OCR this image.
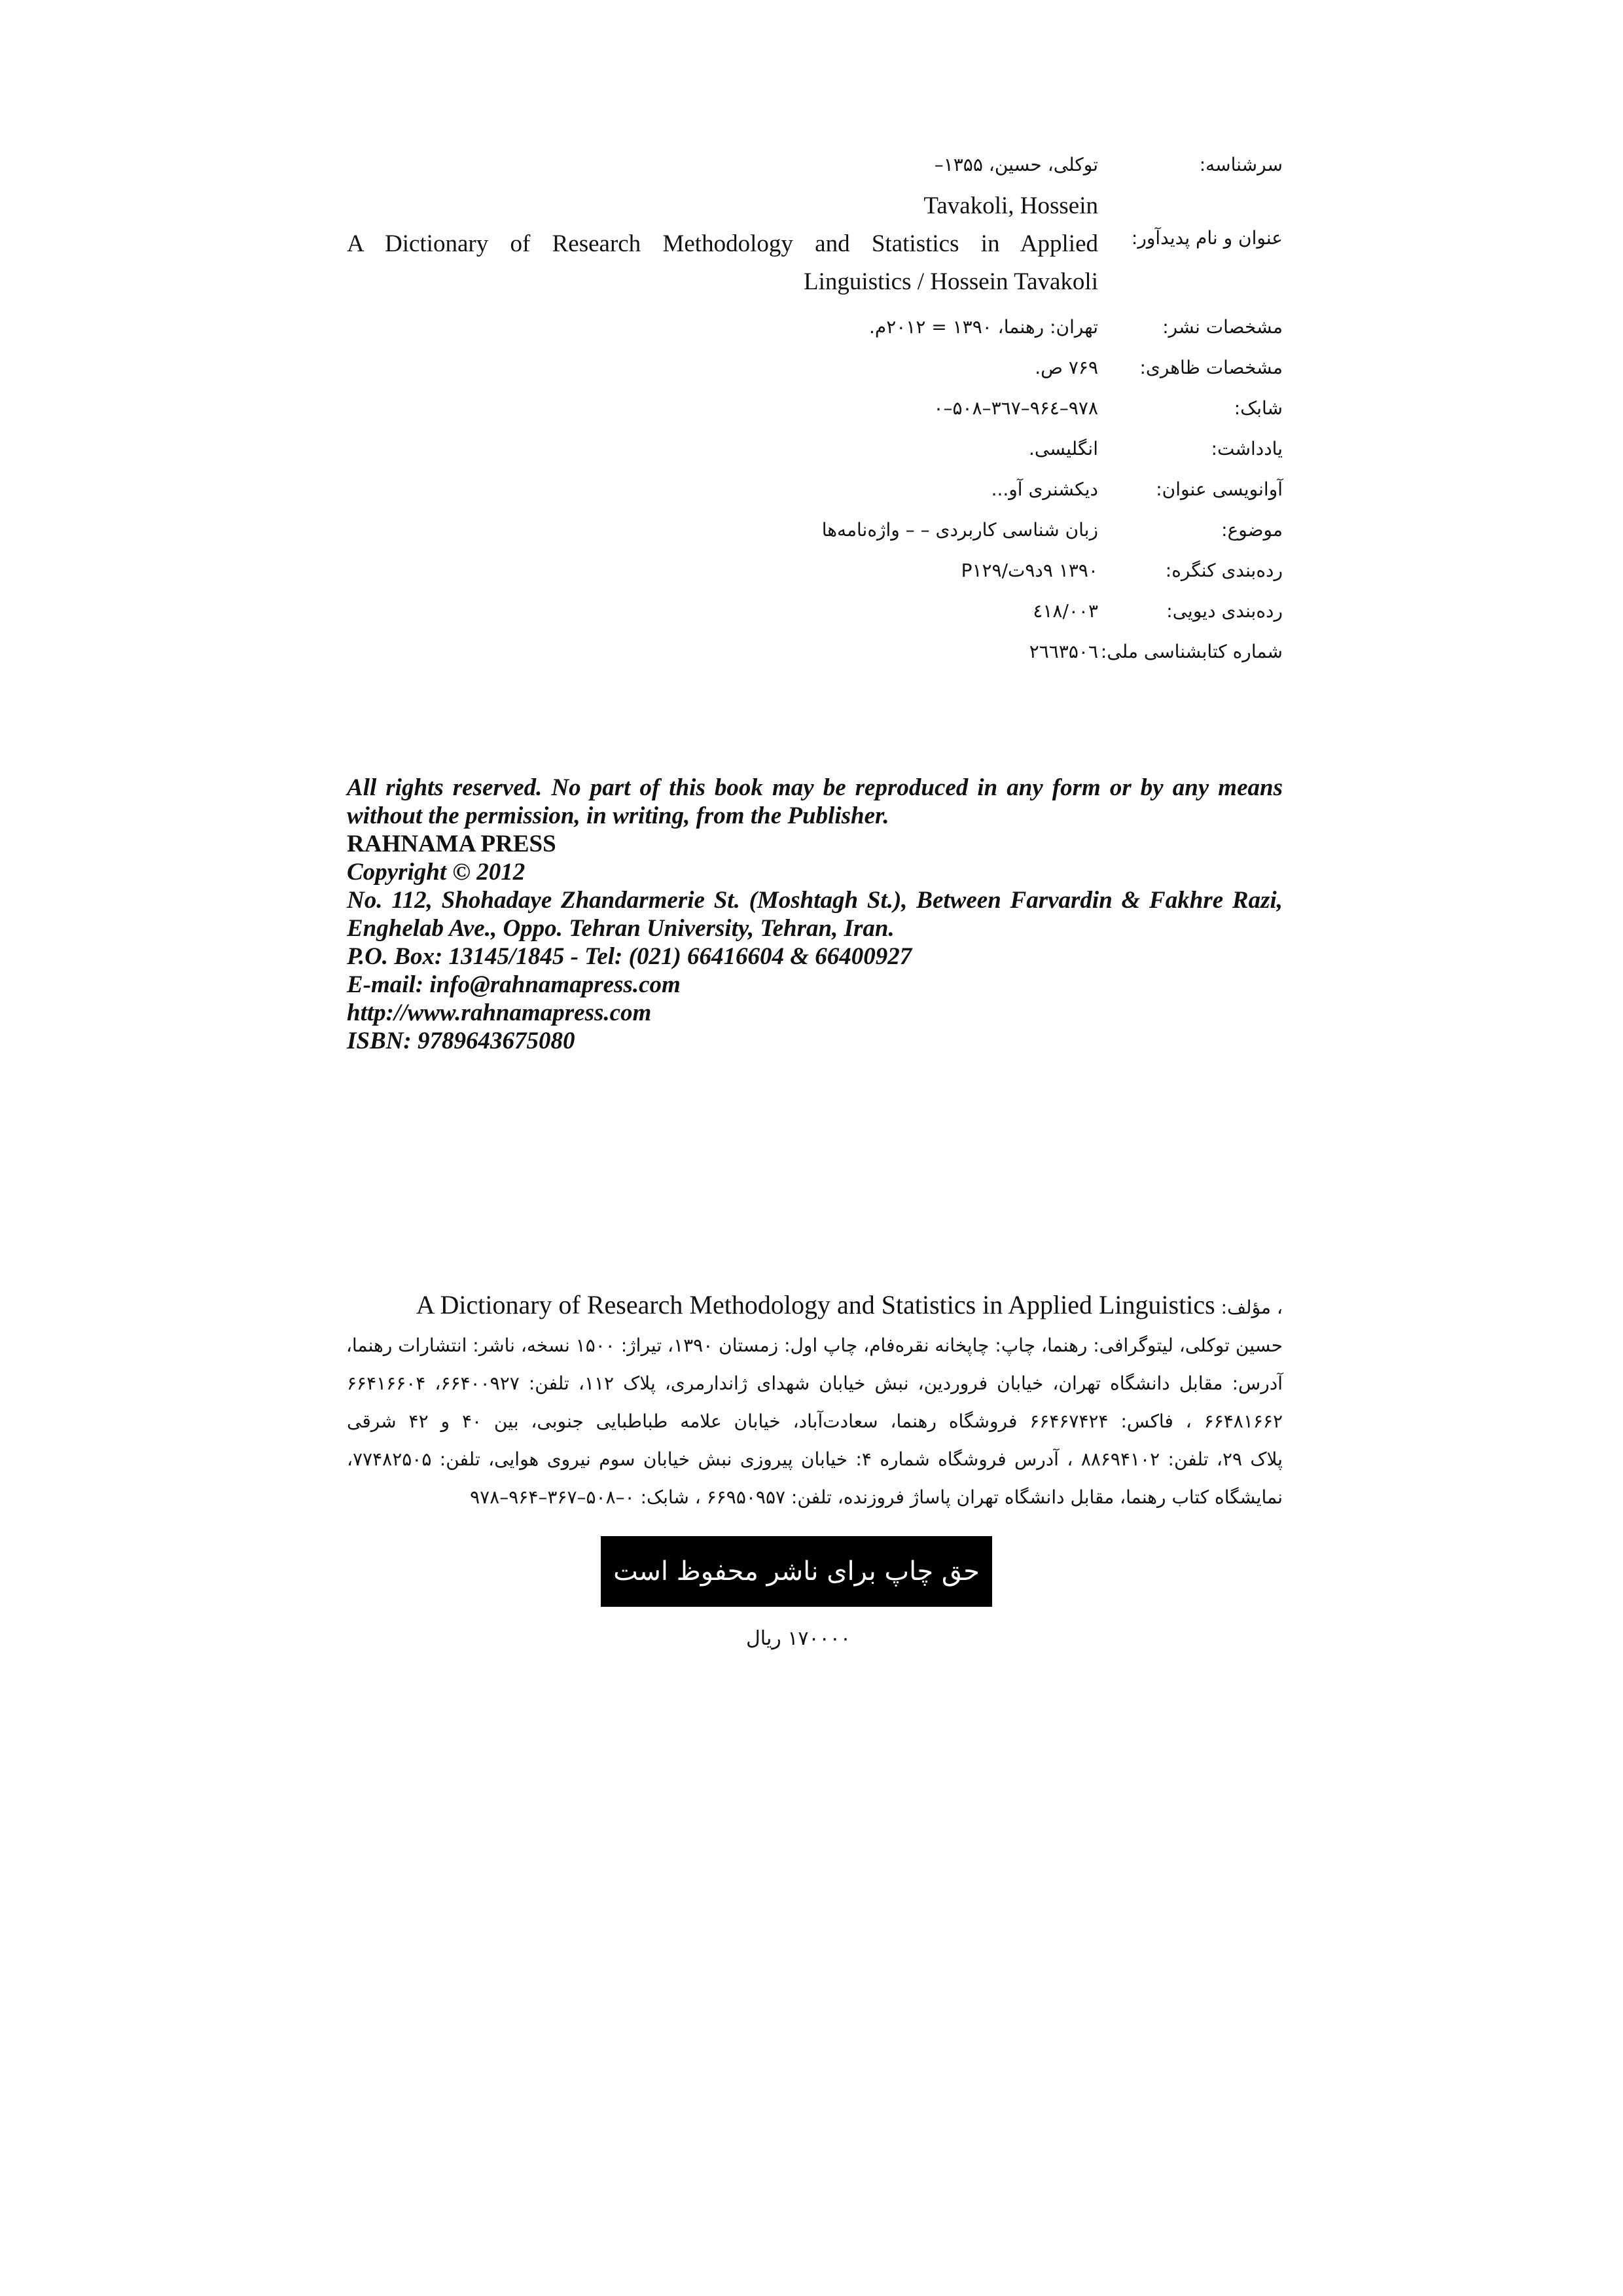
سرشناسه:
توکلی، حسین، ۱۳۵۵–
عنوان و نام پدیدآور:
Tavakoli, Hossein
A Dictionary of Research Methodology and Statistics in Applied
Linguistics / Hossein Tavakoli
مشخصات نشر:
تهران: رهنما، ۱۳۹۰ = ۲۰۱۲م.
مشخصات ظاهری:
۷۶۹ ص.
شابک:
۹۷۸–۹۶٤–۳٦۷–۵۰۸–۰
یادداشت:
انگلیسی.
آوانویسی عنوان:
دیکشنری آو...
موضوع:
زبان شناسی کاربردی – – واژه‌نامه‌ها
رده‌بندی کنگره:
۱۳۹۰ ۹د۹ت/P۱۲۹
رده‌بندی دیویی:
٤۱۸/۰۰۳
شماره کتابشناسی ملی:
۲٦٦۳۵۰٦
All rights reserved. No part of this book may be reproduced in any form or by any means
without the permission, in writing, from the Publisher.
RAHNAMA PRESS
Copyright © 2012
No. 112, Shohadaye Zhandarmerie St. (Moshtagh St.), Between Farvardin & Fakhre Razi,
Enghelab Ave., Oppo. Tehran University, Tehran, Iran.
P.O. Box: 13145/1845 - Tel: (021) 66416604 & 66400927
E-mail: info@rahnamapress.com
http://www.rahnamapress.com
ISBN: 9789643675080
، مؤلف: A Dictionary of Research Methodology and Statistics in Applied Linguistics
حسین توکلی، لیتوگرافی: رهنما، چاپ: چاپخانه نقره‌فام، چاپ اول: زمستان ۱۳۹۰، تیراژ: ۱۵۰۰ نسخه، ناشر: انتشارات رهنما،
آدرس: مقابل دانشگاه تهران، خیابان فروردین، نبش خیابان شهدای ژاندارمری، پلاک ۱۱۲، تلفن: ۶۶۴۰۰۹۲۷، ۶۶۴۱۶۶۰۴
۶۶۴۸۱۶۶۲ ، فاکس: ۶۶۴۶۷۴۲۴ فروشگاه رهنما، سعادت‌آباد، خیابان علامه طباطبایی جنوبی، بین ۴۰ و ۴۲ شرقی
پلاک ۲۹، تلفن: ۸۸۶۹۴۱۰۲ ، آدرس فروشگاه شماره ۴: خیابان پیروزی نبش خیابان سوم نیروی هوایی، تلفن: ۷۷۴۸۲۵۰۵،
نمایشگاه کتاب رهنما، مقابل دانشگاه تهران پاساژ فروزنده، تلفن: ۶۶۹۵۰۹۵۷ ، شابک: ۰–۵۰۸–۳۶۷–۹۶۴–۹۷۸
حق چاپ برای ناشر محفوظ است
۱۷۰۰۰۰ ریال
